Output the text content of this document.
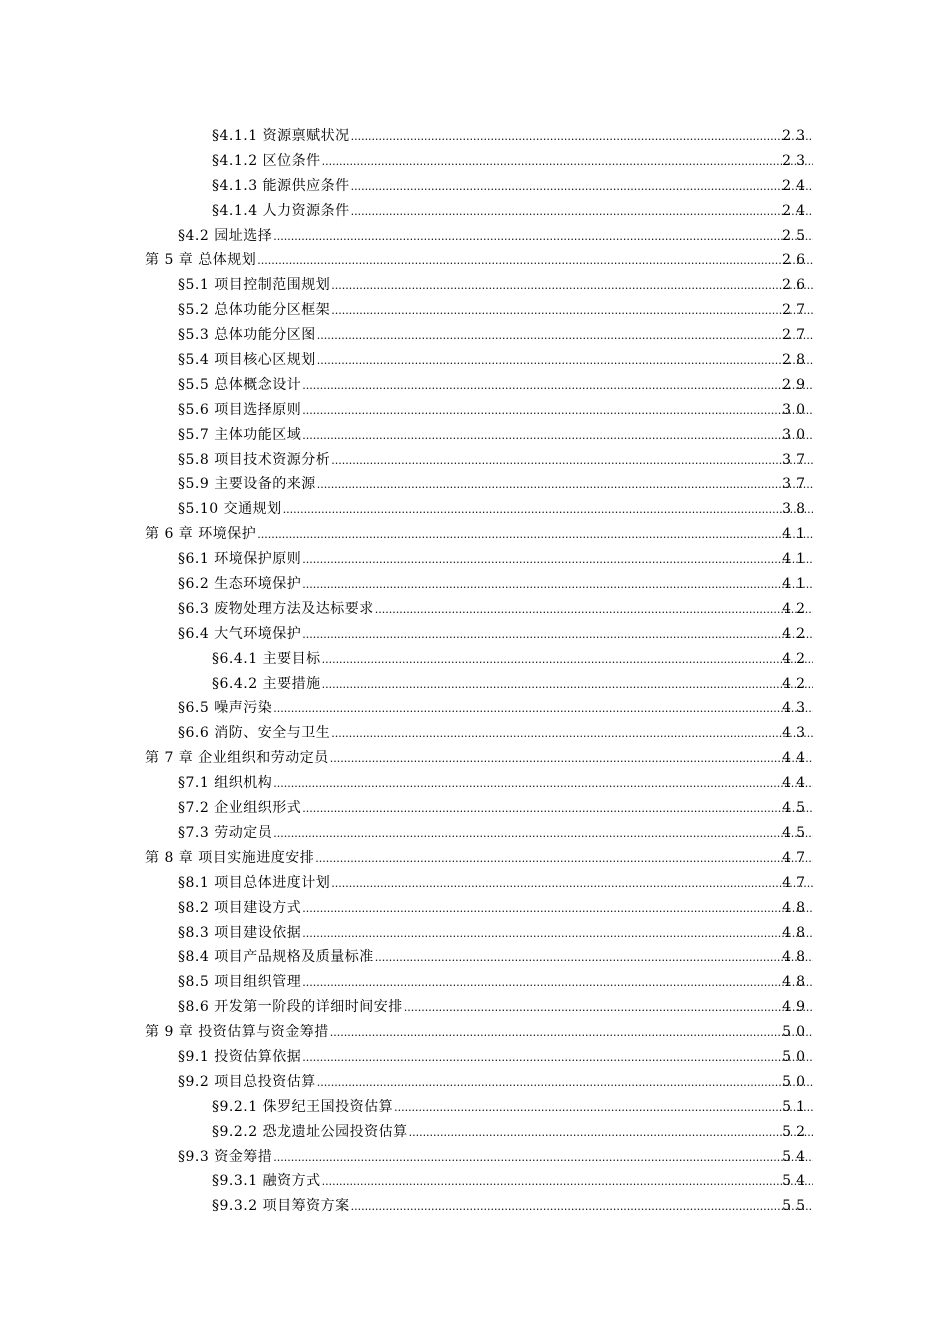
§4.1.1 资源禀赋状况 .....	23
§4.1.2 区位条件 .....	23
§4.1.3 能源供应条件 .....	24
§4.1.4 人力资源条件 .....	24
§4.2 园址选择 .....	25
第 5 章 总体规划 .....	26
§5.1 项目控制范围规划 .....	26
§5.2 总体功能分区框架 .....	27
§5.3 总体功能分区图 .....	27
§5.4 项目核心区规划 .....	28
§5.5 总体概念设计 .....	29
§5.6 项目选择原则 .....	30
§5.7 主体功能区域 .....	30
§5.8 项目技术资源分析 .....	37
§5.9 主要设备的来源 .....	37
§5.10 交通规划 .....	38
第 6 章 环境保护 .....	41
§6.1 环境保护原则 .....	41
§6.2 生态环境保护 .....	41
§6.3 废物处理方法及达标要求 .....	42
§6.4 大气环境保护 .....	42
§6.4.1 主要目标 .....	42
§6.4.2 主要措施 .....	42
§6.5 噪声污染 .....	43
§6.6 消防、安全与卫生 .....	43
第 7 章 企业组织和劳动定员 .....	44
§7.1 组织机构 .....	44
§7.2 企业组织形式 .....	45
§7.3 劳动定员 .....	45
第 8 章 项目实施进度安排 .....	47
§8.1 项目总体进度计划 .....	47
§8.2 项目建设方式 .....	48
§8.3 项目建设依据 .....	48
§8.4 项目产品规格及质量标准 .....	48
§8.5 项目组织管理 .....	48
§8.6 开发第一阶段的详细时间安排 .....	49
第 9 章 投资估算与资金筹措 .....	50
§9.1 投资估算依据 .....	50
§9.2 项目总投资估算 .....	50
§9.2.1 侏罗纪王国投资估算 .....	51
§9.2.2 恐龙遗址公园投资估算 .....	52
§9.3 资金筹措 .....	54
§9.3.1 融资方式 .....	54
§9.3.2 项目筹资方案 .....	55
